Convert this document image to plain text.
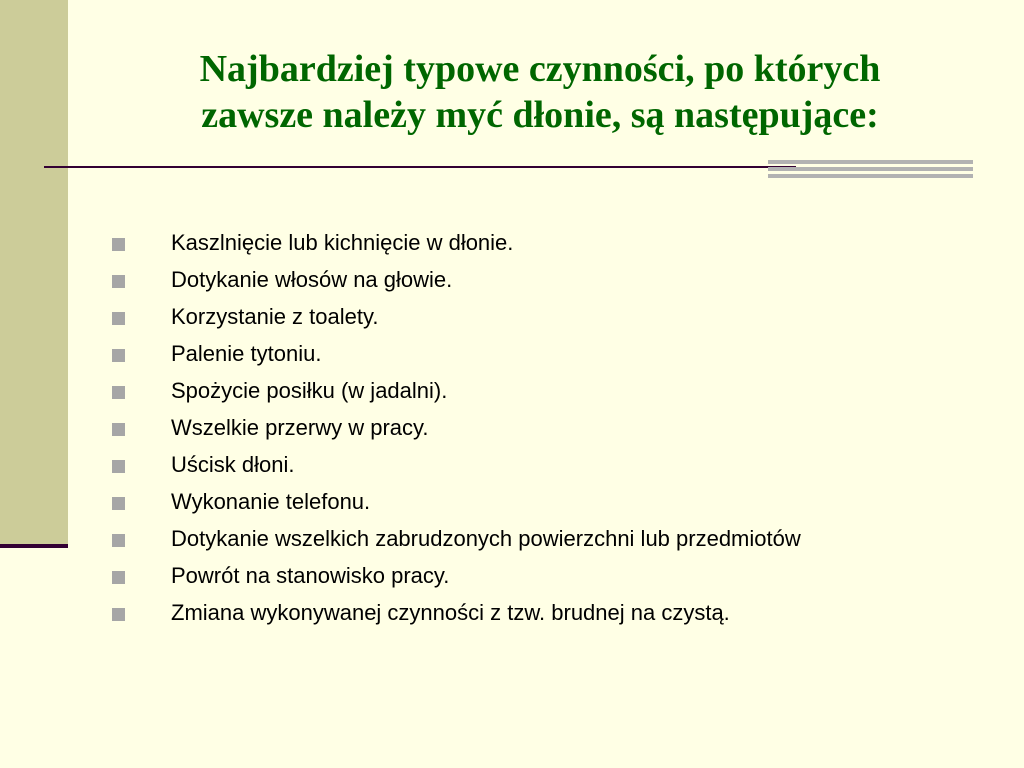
Najbardziej typowe czynności, po których
zawsze należy myć dłonie, są następujące:
Kaszlnięcie lub kichnięcie w dłonie.
Dotykanie włosów na głowie.
Korzystanie z toalety.
Palenie tytoniu.
Spożycie posiłku (w jadalni).
Wszelkie przerwy w pracy.
Uścisk dłoni.
Wykonanie telefonu.
Dotykanie wszelkich zabrudzonych powierzchni lub przedmiotów
Powrót na stanowisko pracy.
Zmiana wykonywanej czynności z tzw. brudnej na czystą.
